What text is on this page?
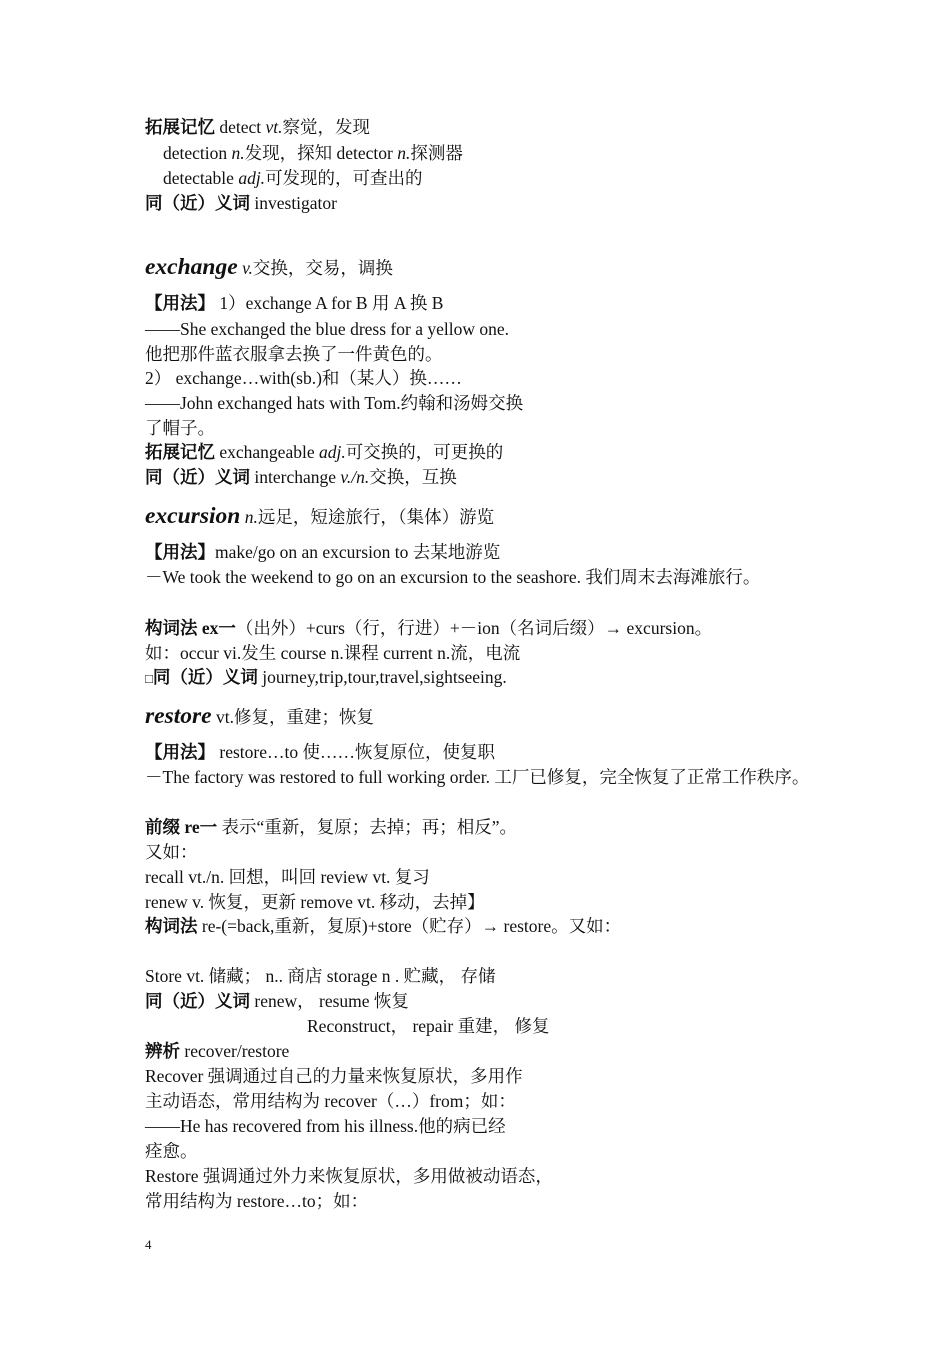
拓展记忆 detect vt.察觉，发现
detection n.发现，探知 detector n.探测器
detectable adj.可发现的，可查出的
同（近）义词 investigator
exchange v.交换，交易，调换
【用法】 1）exchange A for B 用 A 换 B
——She exchanged the blue dress for a yellow one.
他把那件蓝衣服拿去换了一件黄色的。
2） exchange…with(sb.)和（某人）换……
——John exchanged hats with Tom.约翰和汤姆交换
了帽子。
拓展记忆 exchangeable adj.可交换的，可更换的
同（近）义词 interchange v./n.交换，互换
excursion n.远足，短途旅行，（集体）游览
【用法】make/go on an excursion to 去某地游览
－We took the weekend to go on an excursion to the seashore. 我们周末去海滩旅行。
构词法 ex一（出外）+curs（行，行进）+－ion（名词后缀）→ excursion。
如：occur vi.发生 course n.课程 current n.流，电流
□同（近）义词 journey,trip,tour,travel,sightseeing.
restore vt.修复，重建；恢复
【用法】 restore…to 使……恢复原位，使复职
－The factory was restored to full working order. 工厂已修复，完全恢复了正常工作秩序。
前缀 re一 表示“重新，复原；去掉；再；相反”。
又如：
recall vt./n. 回想，叫回 review vt. 复习
renew v. 恢复，更新 remove vt. 移动，去掉】
构词法 re-(=back,重新，复原)+store（贮存）→ restore。又如：
Store vt. 储藏； n.. 商店 storage n . 贮藏， 存储
同（近）义词 renew， resume 恢复
Reconstruct， repair 重建， 修复
辨析 recover/restore
Recover 强调通过自己的力量来恢复原状，多用作
主动语态，常用结构为 recover（…）from；如：
——He has recovered from his illness.他的病已经
痊愈。
Restore 强调通过外力来恢复原状，多用做被动语态，
常用结构为 restore…to；如：
4
